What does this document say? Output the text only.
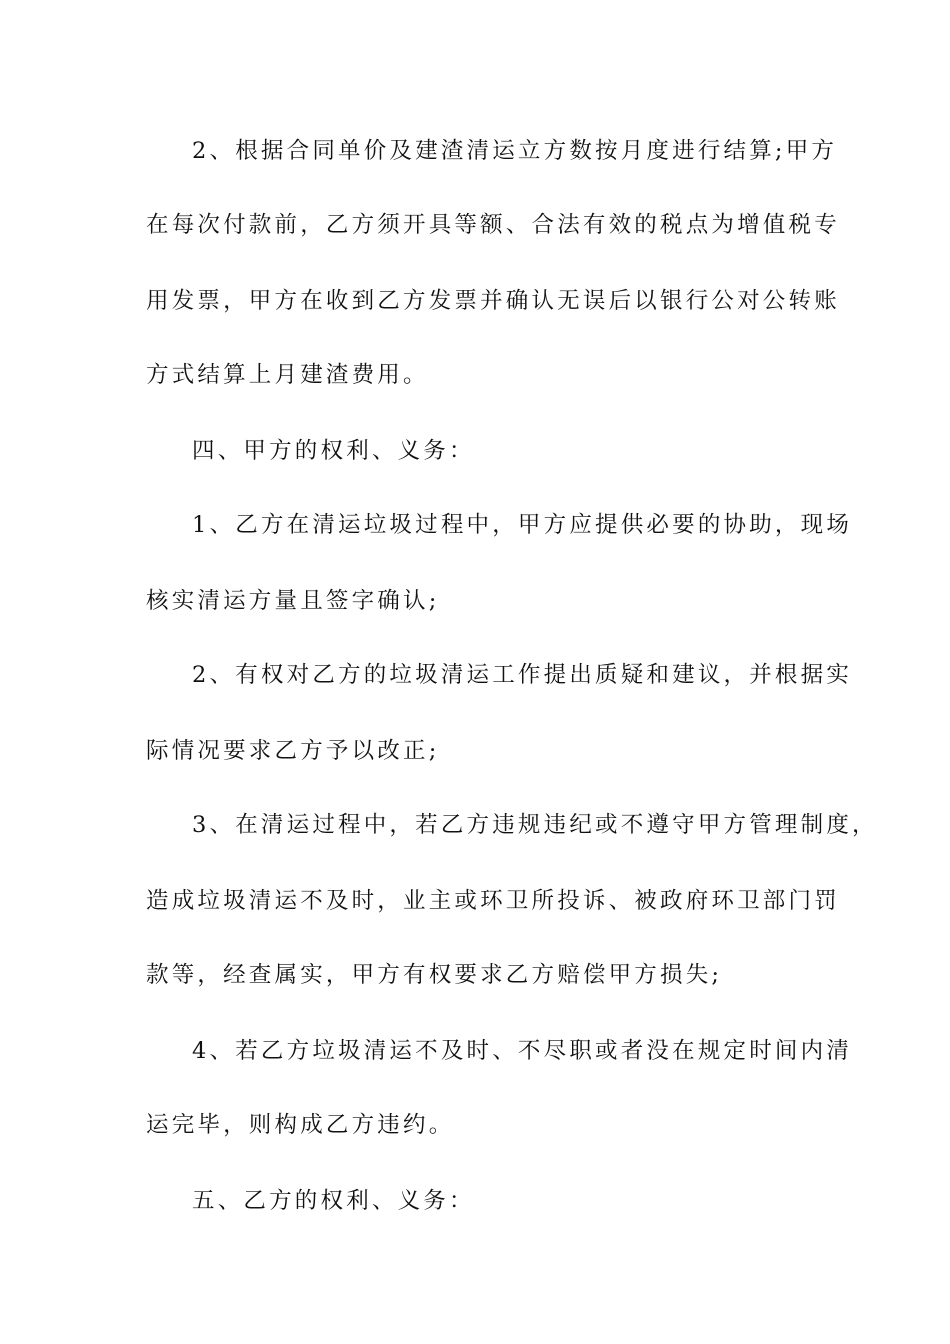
2、根据合同单价及建渣清运立方数按月度进行结算;甲方
在每次付款前，乙方须开具等额、合法有效的税点为增值税专
用发票，甲方在收到乙方发票并确认无误后以银行公对公转账
方式结算上月建渣费用。
四、甲方的权利、义务：
1、乙方在清运垃圾过程中，甲方应提供必要的协助，现场
核实清运方量且签字确认;
2、有权对乙方的垃圾清运工作提出质疑和建议，并根据实
际情况要求乙方予以改正;
3、在清运过程中，若乙方违规违纪或不遵守甲方管理制度，
造成垃圾清运不及时，业主或环卫所投诉、被政府环卫部门罚
款等，经查属实，甲方有权要求乙方赔偿甲方损失;
4、若乙方垃圾清运不及时、不尽职或者没在规定时间内清
运完毕，则构成乙方违约。
五、乙方的权利、义务：
